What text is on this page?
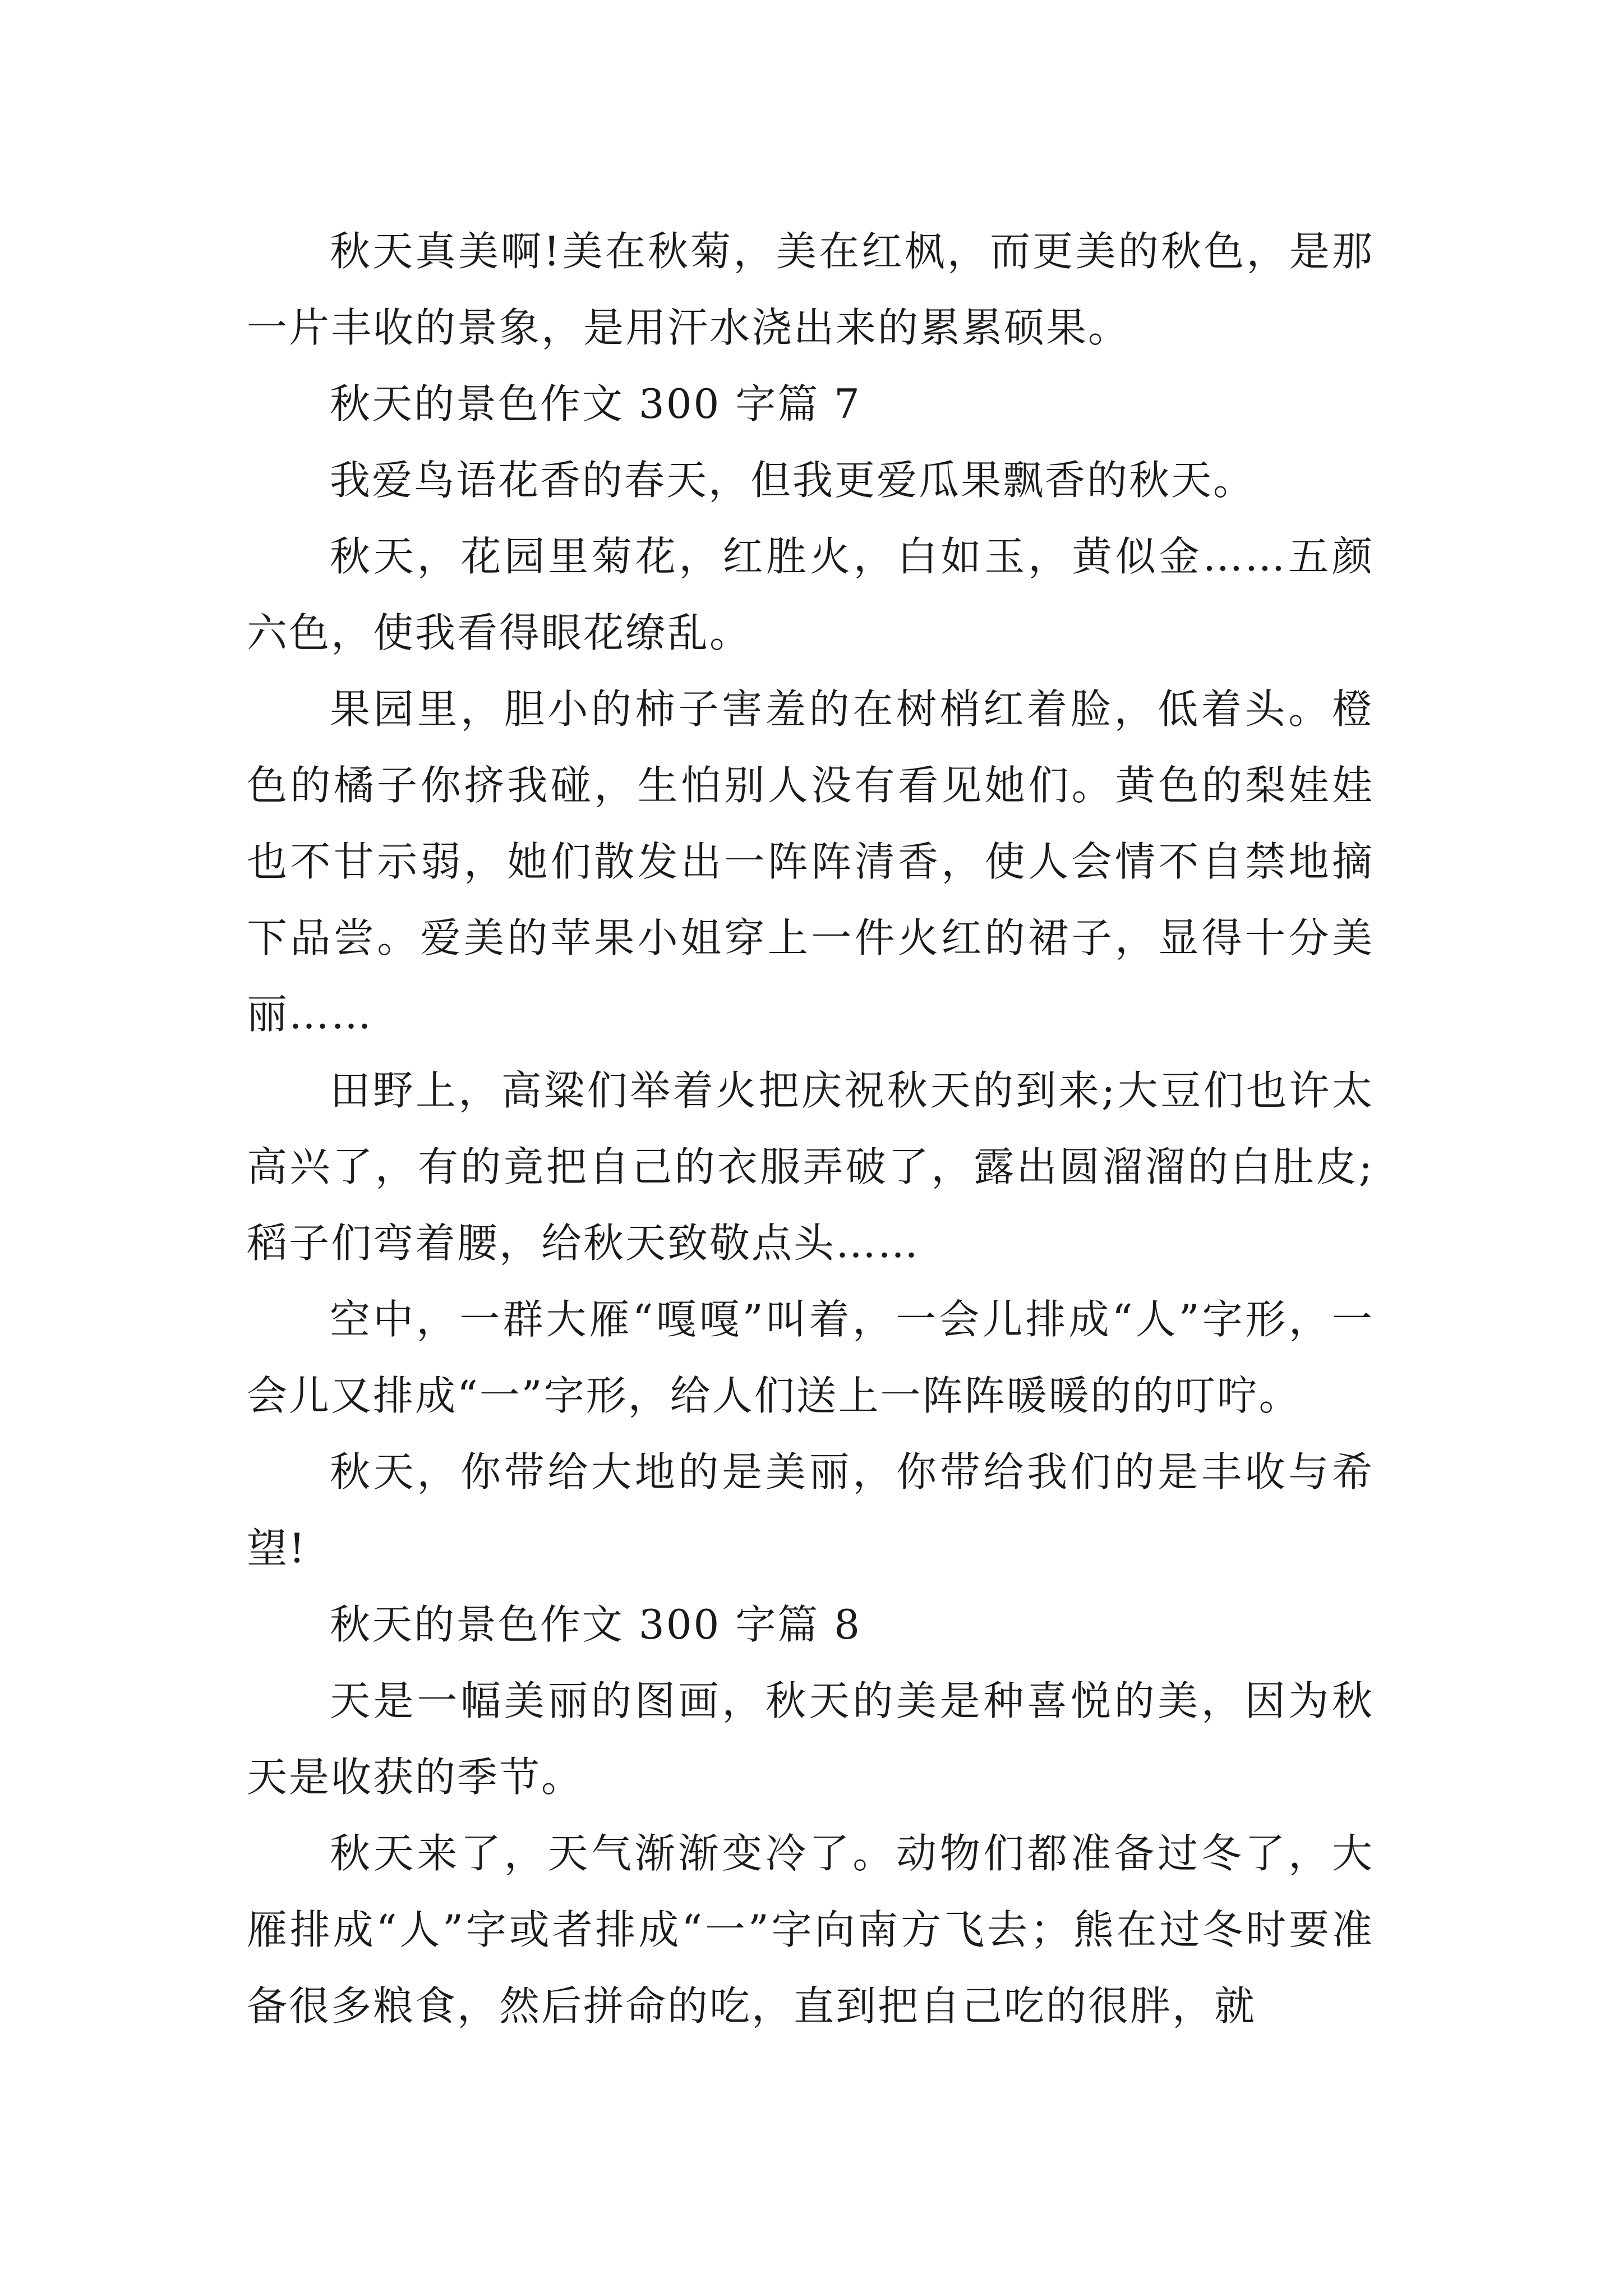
秋天真美啊!美在秋菊，美在红枫，而更美的秋色，是那一片丰收的景象，是用汗水浇出来的累累硕果。

秋天的景色作文 300 字篇 7

我爱鸟语花香的春天，但我更爱瓜果飘香的秋天。

秋天，花园里菊花，红胜火，白如玉，黄似金……五颜六色，使我看得眼花缭乱。

果园里，胆小的柿子害羞的在树梢红着脸，低着头。橙色的橘子你挤我碰，生怕别人没有看见她们。黄色的梨娃娃也不甘示弱，她们散发出一阵阵清香，使人会情不自禁地摘下品尝。爱美的苹果小姐穿上一件火红的裙子，显得十分美丽……

田野上，高粱们举着火把庆祝秋天的到来;大豆们也许太高兴了，有的竟把自己的衣服弄破了，露出圆溜溜的白肚皮;稻子们弯着腰，给秋天致敬点头……

空中，一群大雁“嘎嘎”叫着，一会儿排成“人”字形，一会儿又排成“一”字形，给人们送上一阵阵暖暖的的叮咛。

秋天，你带给大地的是美丽，你带给我们的是丰收与希望!

秋天的景色作文 300 字篇 8

天是一幅美丽的图画，秋天的美是种喜悦的美，因为秋天是收获的季节。

秋天来了，天气渐渐变冷了。动物们都准备过冬了，大雁排成“人”字或者排成“一”字向南方飞去；熊在过冬时要准备很多粮食，然后拼命的吃，直到把自己吃的很胖，就
